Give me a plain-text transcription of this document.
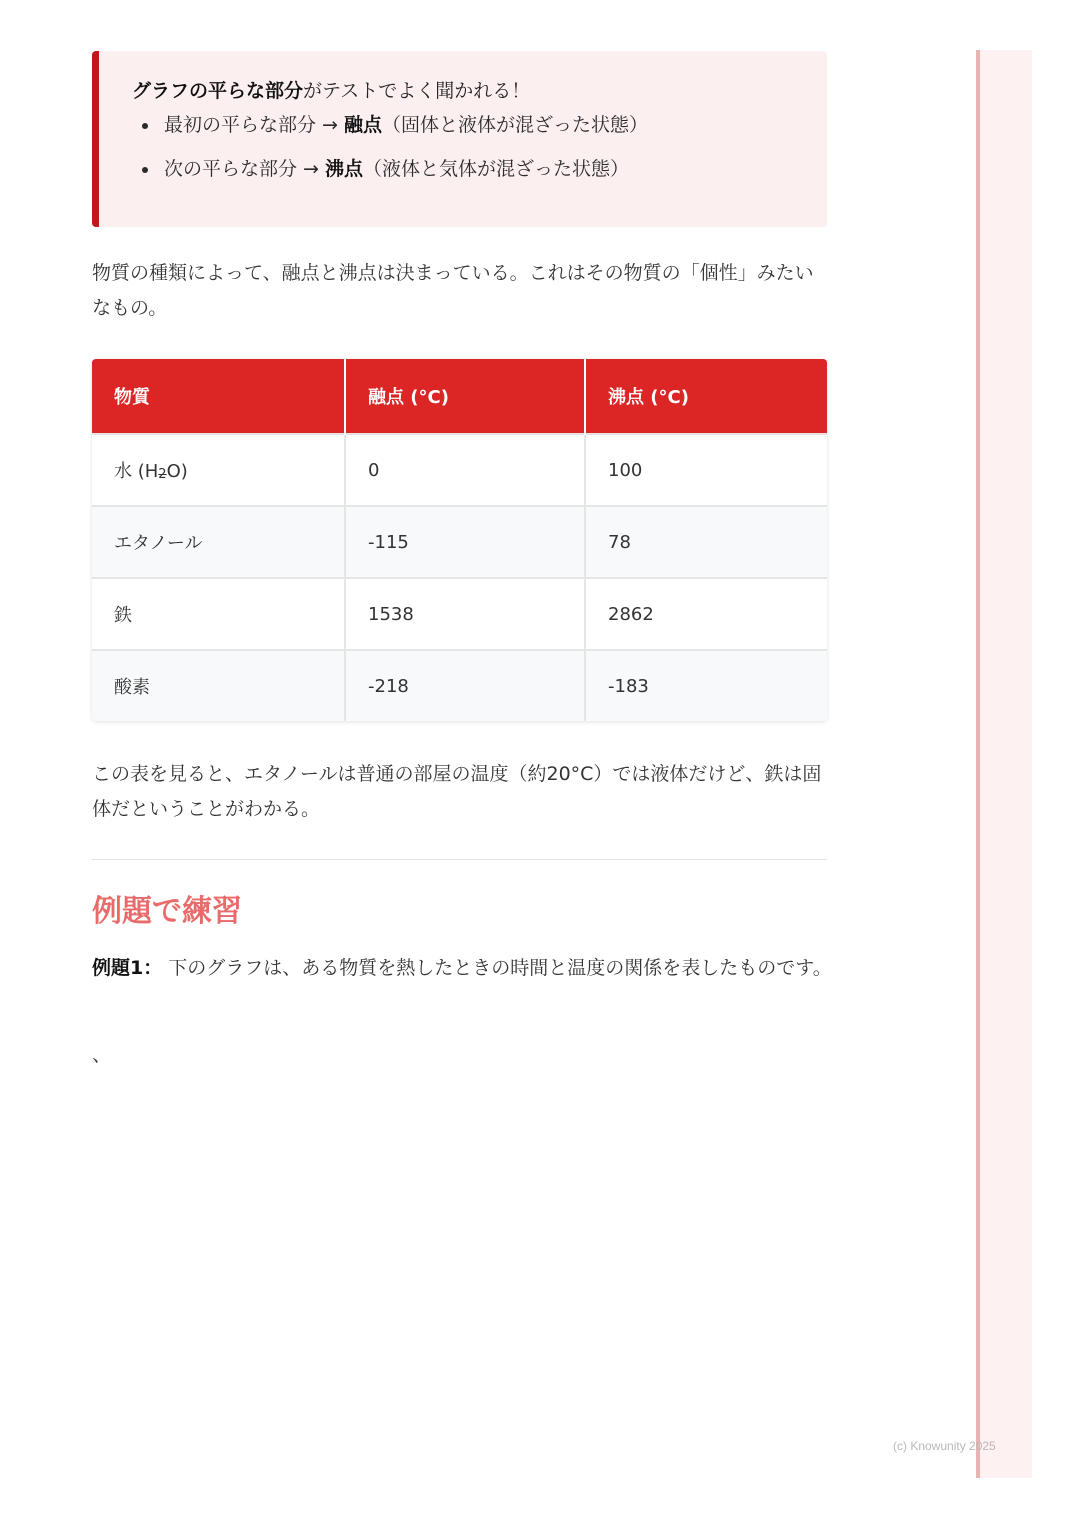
グラフの平らな部分がテストでよく聞かれる！
最初の平らな部分 → 融点（固体と液体が混ざった状態）
次の平らな部分 → 沸点（液体と気体が混ざった状態）
物質の種類によって、融点と沸点は決まっている。これはその物質の「個性」みたいなもの。
物質	融点 (°C)	沸点 (°C)
水 (H2O)	0	100
エタノール	-115	78
鉄	1538	2862
酸素	-218	-183
この表を見ると、エタノールは普通の部屋の温度（約20°C）では液体だけど、鉄は固体だということがわかる。
例題で練習
例題1： 下のグラフは、ある物質を熱したときの時間と温度の関係を表したものです。
、
(c) Knowunity 2025
